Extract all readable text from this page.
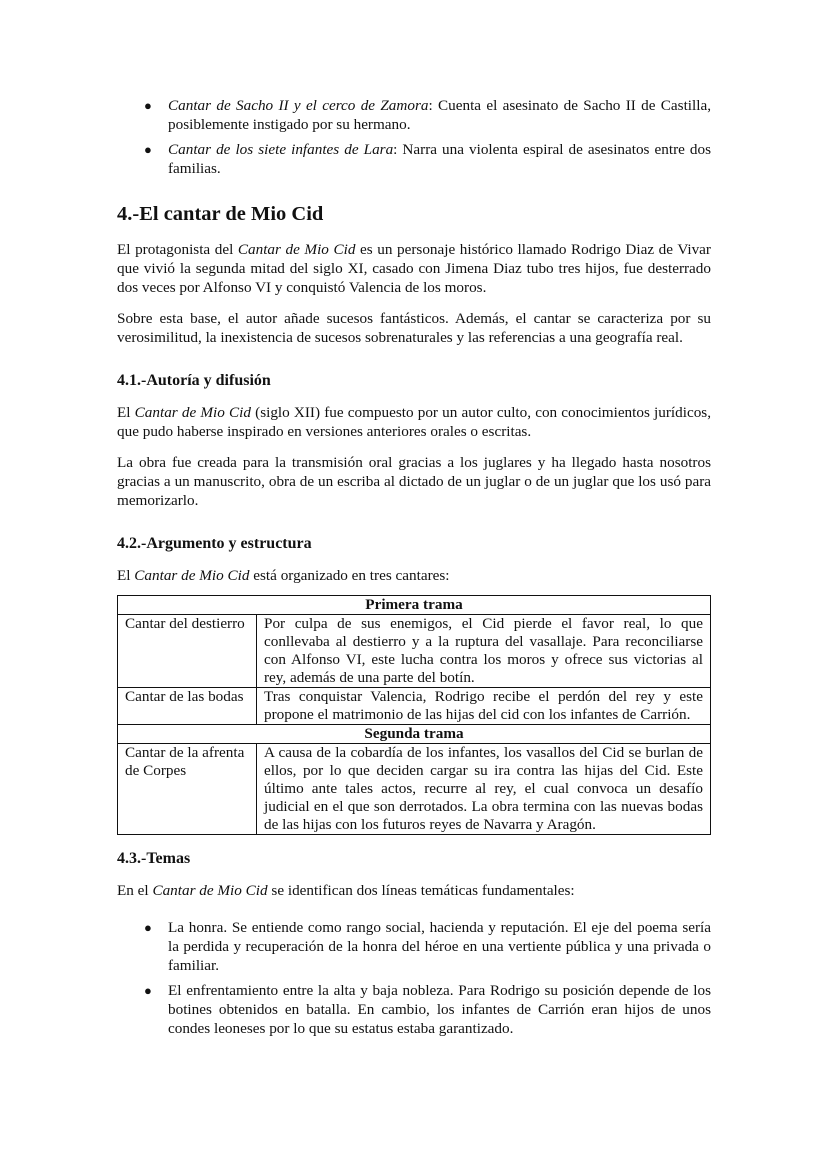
● Cantar de Sacho II y el cerco de Zamora: Cuenta el asesinato de Sacho II de Castilla, posiblemente instigado por su hermano.
● Cantar de los siete infantes de Lara: Narra una violenta espiral de asesinatos entre dos familias.
4.-El cantar de Mio Cid

El protagonista del Cantar de Mio Cid es un personaje histórico llamado Rodrigo Diaz de Vivar que vivió la segunda mitad del siglo XI, casado con Jimena Diaz tubo tres hijos, fue desterrado dos veces por Alfonso VI y conquistó Valencia de los moros.

Sobre esta base, el autor añade sucesos fantásticos. Además, el cantar se caracteriza por su verosimilitud, la inexistencia de sucesos sobrenaturales y las referencias a una geografía real.

4.1.-Autoría y difusión

El Cantar de Mio Cid (siglo XII) fue compuesto por un autor culto, con conocimientos jurídicos, que pudo haberse inspirado en versiones anteriores orales o escritas.

La obra fue creada para la transmisión oral gracias a los juglares y ha llegado hasta nosotros gracias a un manuscrito, obra de un escriba al dictado de un juglar o de un juglar que los usó para memorizarlo.

4.2.-Argumento y estructura

El Cantar de Mio Cid está organizado en tres cantares:

Primera trama	
Cantar del destierro	Por culpa de sus enemigos, el Cid pierde el favor real, lo que conllevaba al destierro y a la ruptura del vasallaje. Para reconciliarse con Alfonso VI, este lucha contra los moros y ofrece sus victorias al rey, además de una parte del botín.
Cantar de las bodas	Tras conquistar Valencia, Rodrigo recibe el perdón del rey y este propone el matrimonio de las hijas del cid con los infantes de Carrión.
Segunda trama	
Cantar de la afrenta de Corpes	A causa de la cobardía de los infantes, los vasallos del Cid se burlan de ellos, por lo que deciden cargar su ira contra las hijas del Cid. Este último ante tales actos, recurre al rey, el cual convoca un desafío judicial en el que son derrotados. La obra termina con las nuevas bodas de las hijas con los futuros reyes de Navarra y Aragón.
4.3.-Temas

En el Cantar de Mio Cid se identifican dos líneas temáticas fundamentales:

● La honra. Se entiende como rango social, hacienda y reputación. El eje del poema sería la perdida y recuperación de la honra del héroe en una vertiente pública y una privada o familiar.
● El enfrentamiento entre la alta y baja nobleza. Para Rodrigo su posición depende de los botines obtenidos en batalla. En cambio, los infantes de Carrión eran hijos de unos condes leoneses por lo que su estatus estaba garantizado.
